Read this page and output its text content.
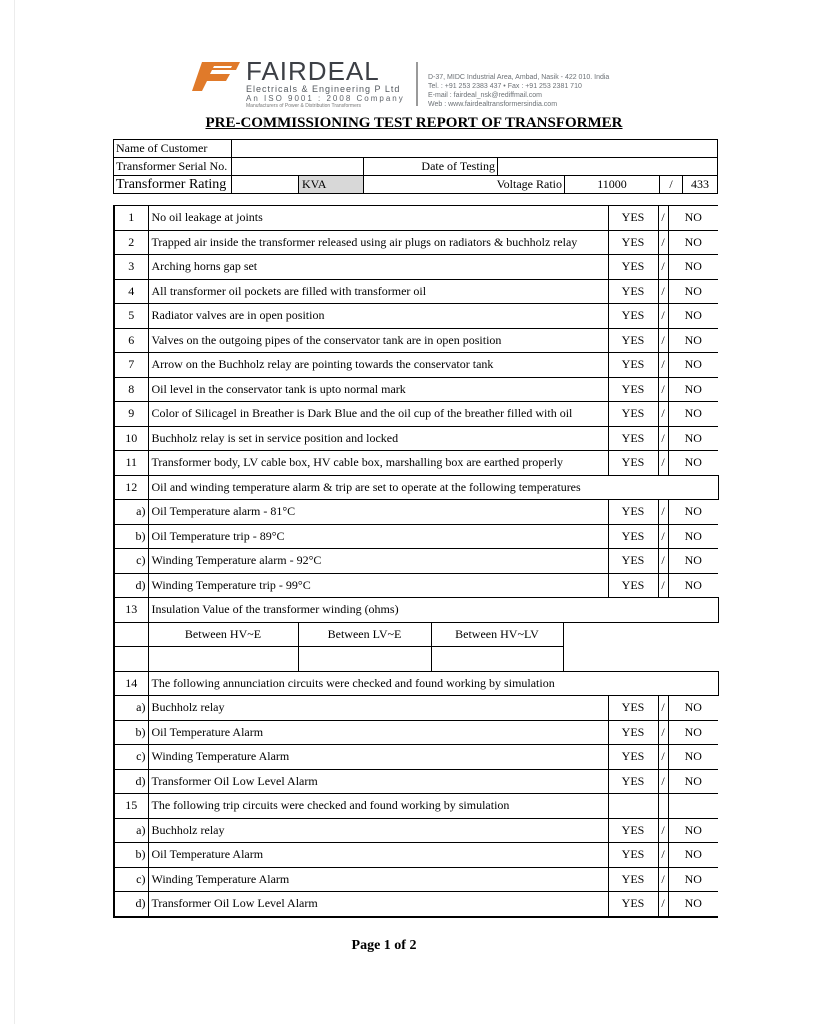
FAIRDEAL
Electricals & Engineering P Ltd
An ISO 9001 : 2008 Company
Manufacturers of Power & Distribution Transformers
D-37, MIDC Industrial Area, Ambad, Nasik - 422 010. India
Tel. : +91 253 2383 437 • Fax : +91 253 2381 710
E-mail : fairdeal_nsk@rediffmail.com
Web : www.fairdealtransformersindia.com
PRE-COMMISSIONING TEST REPORT OF TRANSFORMER
Name of Customer							
Transformer Serial No.			Date of Testing				
Transformer Rating	KVA		Voltage Ratio		11000	/	433
1	No oil leakage at joints				YES	/	NO
2	Trapped air inside the transformer released using air plugs on radiators & buchholz relay				YES	/	NO
3	Arching horns gap set				YES	/	NO
4	All transformer oil pockets are filled with transformer oil				YES	/	NO
5	Radiator valves are in open position				YES	/	NO
6	Valves on the outgoing pipes of the conservator tank are in open position				YES	/	NO
7	Arrow on the Buchholz relay are pointing towards the conservator tank				YES	/	NO
8	Oil level in the conservator tank is upto normal mark				YES	/	NO
9	Color of Silicagel in Breather is Dark Blue and the oil cup of the breather filled with oil				YES	/	NO
10	Buchholz relay is set in service position and locked				YES	/	NO
11	Transformer body, LV cable box, HV cable box, marshalling box are earthed properly				YES	/	NO
12	Oil and winding temperature alarm & trip are set to operate at the following temperatures						
a)	Oil Temperature alarm - 81°C				YES	/	NO
b)	Oil Temperature trip - 89°C				YES	/	NO
c)	Winding Temperature alarm - 92°C				YES	/	NO
d)	Winding Temperature trip - 99°C				YES	/	NO
13	Insulation Value of the transformer winding (ohms)						
	Between HV~E	Between LV~E	Between HV~LV				

14	The following annunciation circuits were checked and found working by simulation						
a)	Buchholz relay				YES	/	NO
b)	Oil Temperature Alarm				YES	/	NO
c)	Winding Temperature Alarm				YES	/	NO
d)	Transformer Oil Low Level Alarm				YES	/	NO
15	The following trip circuits were checked and found working by simulation						
a)	Buchholz relay				YES	/	NO
b)	Oil Temperature Alarm				YES	/	NO
c)	Winding Temperature Alarm				YES	/	NO
d)	Transformer Oil Low Level Alarm				YES	/	NO
Page 1 of 2
